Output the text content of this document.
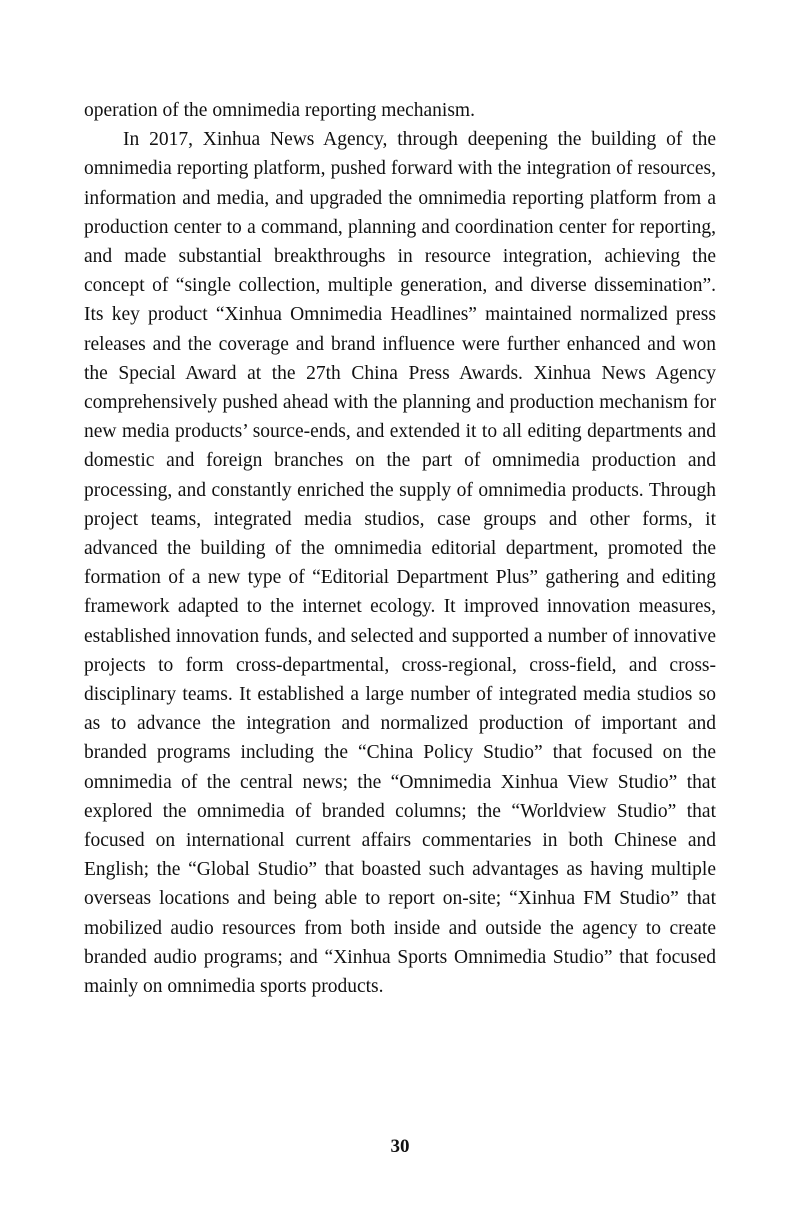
operation of the omnimedia reporting mechanism.

In 2017, Xinhua News Agency, through deepening the building of the omnimedia reporting platform, pushed forward with the integration of resources, information and media, and upgraded the omnimedia reporting platform from a production center to a command, planning and coordination center for reporting, and made substantial breakthroughs in resource integration, achieving the concept of “single collection, multiple generation, and diverse dissemination”. Its key product “Xinhua Omnimedia Headlines” maintained normalized press releases and the coverage and brand influence were further enhanced and won the Special Award at the 27th China Press Awards. Xinhua News Agency comprehensively pushed ahead with the planning and production mechanism for new media products’ source-ends, and extended it to all editing departments and domestic and foreign branches on the part of omnimedia production and processing, and constantly enriched the supply of omnimedia products. Through project teams, integrated media studios, case groups and other forms, it advanced the building of the omnimedia editorial department, promoted the formation of a new type of “Editorial Department Plus” gathering and editing framework adapted to the internet ecology. It improved innovation measures, established innovation funds, and selected and supported a number of innovative projects to form cross-departmental, cross-regional, cross-field, and cross-disciplinary teams. It established a large number of integrated media studios so as to advance the integration and normalized production of important and branded programs including the “China Policy Studio” that focused on the omnimedia of the central news; the “Omnimedia Xinhua View Studio” that explored the omnimedia of branded columns; the “Worldview Studio” that focused on international current affairs commentaries in both Chinese and English; the “Global Studio” that boasted such advantages as having multiple overseas locations and being able to report on-site; “Xinhua FM Studio” that mobilized audio resources from both inside and outside the agency to create branded audio programs; and “Xinhua Sports Omnimedia Studio” that focused mainly on omnimedia sports products.

30
